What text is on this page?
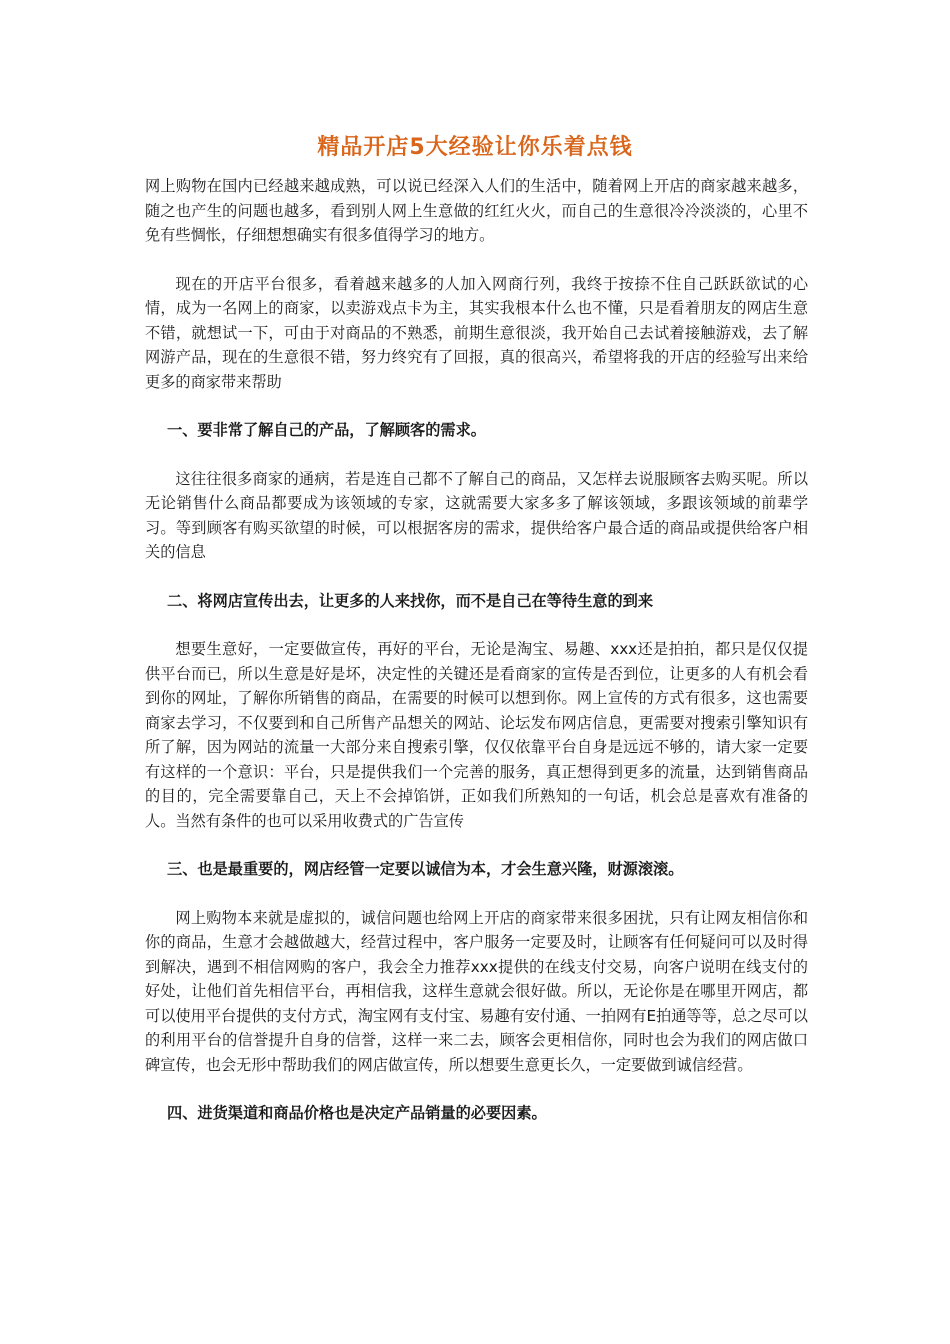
精品开店5大经验让你乐着点钱

网上购物在国内已经越来越成熟，可以说已经深入人们的生活中，随着网上开店的商家越来越多，随之也产生的问题也越多，看到别人网上生意做的红红火火，而自己的生意很冷冷淡淡的，心里不免有些惆怅，仔细想想确实有很多值得学习的地方。

现在的开店平台很多，看着越来越多的人加入网商行列，我终于按捺不住自己跃跃欲试的心情，成为一名网上的商家，以卖游戏点卡为主，其实我根本什么也不懂，只是看着朋友的网店生意不错，就想试一下，可由于对商品的不熟悉，前期生意很淡，我开始自己去试着接触游戏，去了解网游产品，现在的生意很不错，努力终究有了回报，真的很高兴，希望将我的开店的经验写出来给更多的商家带来帮助

一、要非常了解自己的产品，了解顾客的需求。

这往往很多商家的通病，若是连自己都不了解自己的商品，又怎样去说服顾客去购买呢。所以无论销售什么商品都要成为该领域的专家，这就需要大家多多了解该领域，多跟该领域的前辈学习。等到顾客有购买欲望的时候，可以根据客房的需求，提供给客户最合适的商品或提供给客户相关的信息

二、将网店宣传出去，让更多的人来找你，而不是自己在等待生意的到来

想要生意好，一定要做宣传，再好的平台，无论是淘宝、易趣、xxx还是拍拍，都只是仅仅提供平台而已，所以生意是好是坏，决定性的关键还是看商家的宣传是否到位，让更多的人有机会看到你的网址，了解你所销售的商品，在需要的时候可以想到你。网上宣传的方式有很多，这也需要商家去学习，不仅要到和自己所售产品想关的网站、论坛发布网店信息，更需要对搜索引擎知识有所了解，因为网站的流量一大部分来自搜索引擎，仅仅依靠平台自身是远远不够的，请大家一定要有这样的一个意识：平台，只是提供我们一个完善的服务，真正想得到更多的流量，达到销售商品的目的，完全需要靠自己，天上不会掉馅饼，正如我们所熟知的一句话，机会总是喜欢有准备的人。当然有条件的也可以采用收费式的广告宣传

三、也是最重要的，网店经管一定要以诚信为本，才会生意兴隆，财源滚滚。

网上购物本来就是虚拟的，诚信问题也给网上开店的商家带来很多困扰，只有让网友相信你和你的商品，生意才会越做越大，经营过程中，客户服务一定要及时，让顾客有任何疑问可以及时得到解决，遇到不相信网购的客户，我会全力推荐xxx提供的在线支付交易，向客户说明在线支付的好处，让他们首先相信平台，再相信我，这样生意就会很好做。所以，无论你是在哪里开网店，都可以使用平台提供的支付方式，淘宝网有支付宝、易趣有安付通、一拍网有E拍通等等，总之尽可以的利用平台的信誉提升自身的信誉，这样一来二去，顾客会更相信你，同时也会为我们的网店做口碑宣传，也会无形中帮助我们的网店做宣传，所以想要生意更长久，一定要做到诚信经营。

四、进货渠道和商品价格也是决定产品销量的必要因素。
